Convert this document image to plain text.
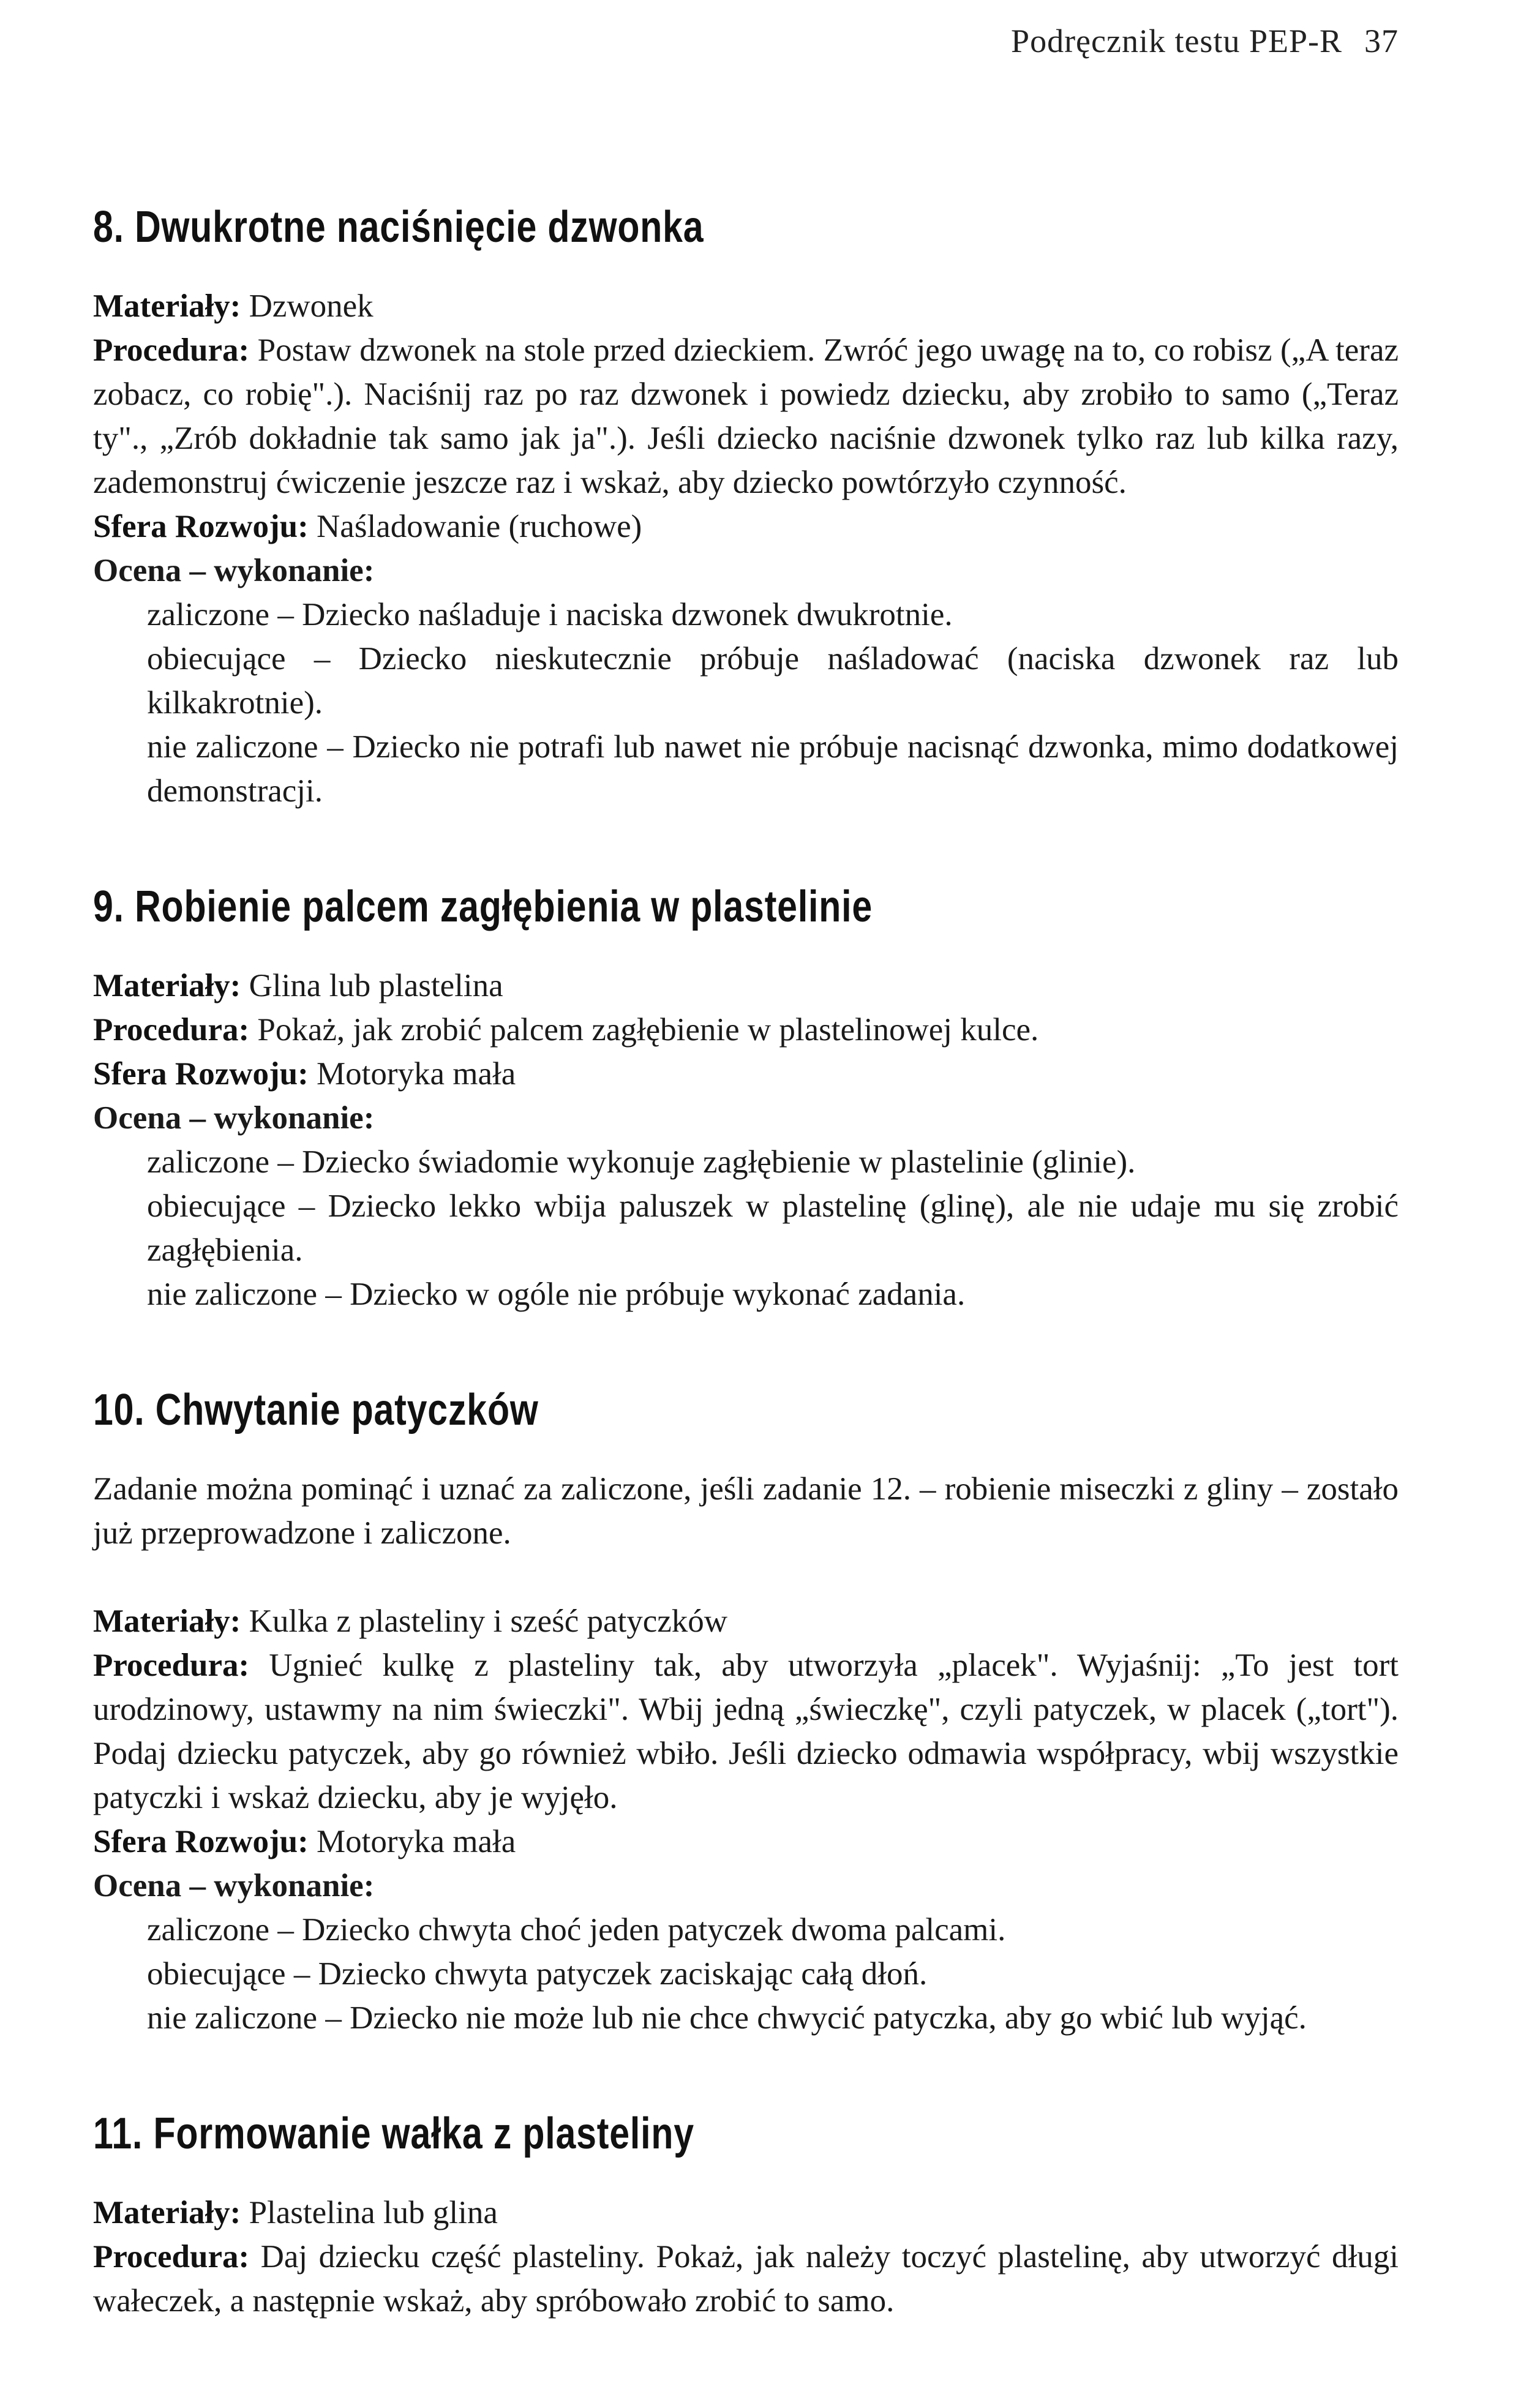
Podręcznik testu PEP-R 37
8. Dwukrotne naciśnięcie dzwonka

Materiały: Dzwonek

Procedura: Postaw dzwonek na stole przed dzieckiem. Zwróć jego uwagę na to, co robisz („A teraz zobacz, co robię".). Naciśnij raz po raz dzwonek i powiedz dziecku, aby zrobiło to samo („Teraz ty"., „Zrób dokładnie tak samo jak ja".). Jeśli dziecko naciśnie dzwonek tylko raz lub kilka razy, zademonstruj ćwiczenie jeszcze raz i wskaż, aby dziecko powtórzyło czynność.

Sfera Rozwoju: Naśladowanie (ruchowe)

Ocena – wykonanie:

zaliczone – Dziecko naśladuje i naciska dzwonek dwukrotnie.

obiecujące – Dziecko nieskutecznie próbuje naśladować (naciska dzwonek raz lub kilkakrotnie).

nie zaliczone – Dziecko nie potrafi lub nawet nie próbuje nacisnąć dzwonka, mimo dodatkowej demonstracji.

9. Robienie palcem zagłębienia w plastelinie

Materiały: Glina lub plastelina

Procedura: Pokaż, jak zrobić palcem zagłębienie w plastelinowej kulce.

Sfera Rozwoju: Motoryka mała

Ocena – wykonanie:

zaliczone – Dziecko świadomie wykonuje zagłębienie w plastelinie (glinie).

obiecujące – Dziecko lekko wbija paluszek w plastelinę (glinę), ale nie udaje mu się zrobić zagłębienia.

nie zaliczone – Dziecko w ogóle nie próbuje wykonać zadania.

10. Chwytanie patyczków

Zadanie można pominąć i uznać za zaliczone, jeśli zadanie 12. – robienie miseczki z gliny – zostało już przeprowadzone i zaliczone.

Materiały: Kulka z plasteliny i sześć patyczków

Procedura: Ugnieć kulkę z plasteliny tak, aby utworzyła „placek". Wyjaśnij: „To jest tort urodzinowy, ustawmy na nim świeczki". Wbij jedną „świeczkę", czyli patyczek, w placek („tort"). Podaj dziecku patyczek, aby go również wbiło. Jeśli dziecko odmawia współpracy, wbij wszystkie patyczki i wskaż dziecku, aby je wyjęło.

Sfera Rozwoju: Motoryka mała

Ocena – wykonanie:

zaliczone – Dziecko chwyta choć jeden patyczek dwoma palcami.

obiecujące – Dziecko chwyta patyczek zaciskając całą dłoń.

nie zaliczone – Dziecko nie może lub nie chce chwycić patyczka, aby go wbić lub wyjąć.

11. Formowanie wałka z plasteliny

Materiały: Plastelina lub glina

Procedura: Daj dziecku część plasteliny. Pokaż, jak należy toczyć plastelinę, aby utworzyć długi wałeczek, a następnie wskaż, aby spróbowało zrobić to samo.
